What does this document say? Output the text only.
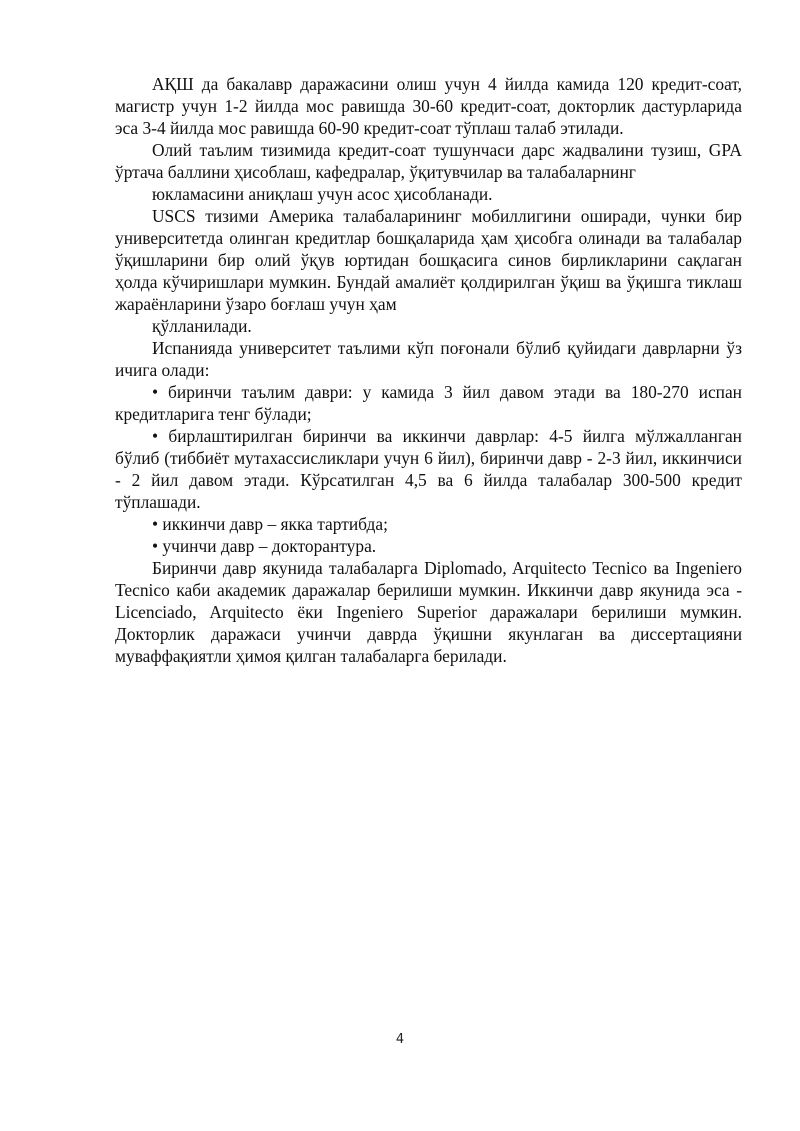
АҚШ да бакалавр даражасини олиш учун 4 йилда камида 120 кредит-соат, магистр учун 1-2 йилда мос равишда 30-60 кредит-соат, докторлик дастурларида эса 3-4 йилда мос равишда 60-90 кредит-соат тўплаш талаб этилади.

Олий таълим тизимида кредит-соат тушунчаси дарс жадвалини тузиш, GPA ўртача баллини ҳисоблаш, кафедралар, ўқитувчилар ва талабаларнинг

юкламасини аниқлаш учун асос ҳисобланади.

USCS тизими Америка талабаларининг мобиллигини оширади, чунки бир университетда олинган кредитлар бошқаларида ҳам ҳисобга олинади ва талабалар ўқишларини бир олий ўқув юртидан бошқасига синов бирликларини сақлаган ҳолда кўчиришлари мумкин. Бундай амалиёт қолдирилган ўқиш ва ўқишга тиклаш жараёнларини ўзаро боғлаш учун ҳам

қўлланилади.

Испанияда университет таълими кўп поғонали бўлиб қуйидаги даврларни ўз ичига олади:

• биринчи таълим даври: у камида 3 йил давом этади ва 180-270 испан кредитларига тенг бўлади;

• бирлаштирилган биринчи ва иккинчи даврлар: 4-5 йилга мўлжалланган бўлиб (тиббиёт мутахассисликлари учун 6 йил), биринчи давр - 2-3 йил, иккинчиси - 2 йил давом этади. Кўрсатилган 4,5 ва 6 йилда талабалар 300-500 кредит тўплашади.

• иккинчи давр – якка тартибда;

• учинчи давр – докторантура.

Биринчи давр якунида талабаларга Diplomado, Arquitecto Tecnico ва Ingeniero Tecnico каби академик даражалар берилиши мумкин. Иккинчи давр якунида эса - Licenciado, Arquitecto ёки Ingeniero Superior даражалари берилиши мумкин. Докторлик даражаси учинчи даврда ўқишни якунлаган ва диссертацияни муваффақиятли ҳимоя қилган талабаларга берилади.

4
